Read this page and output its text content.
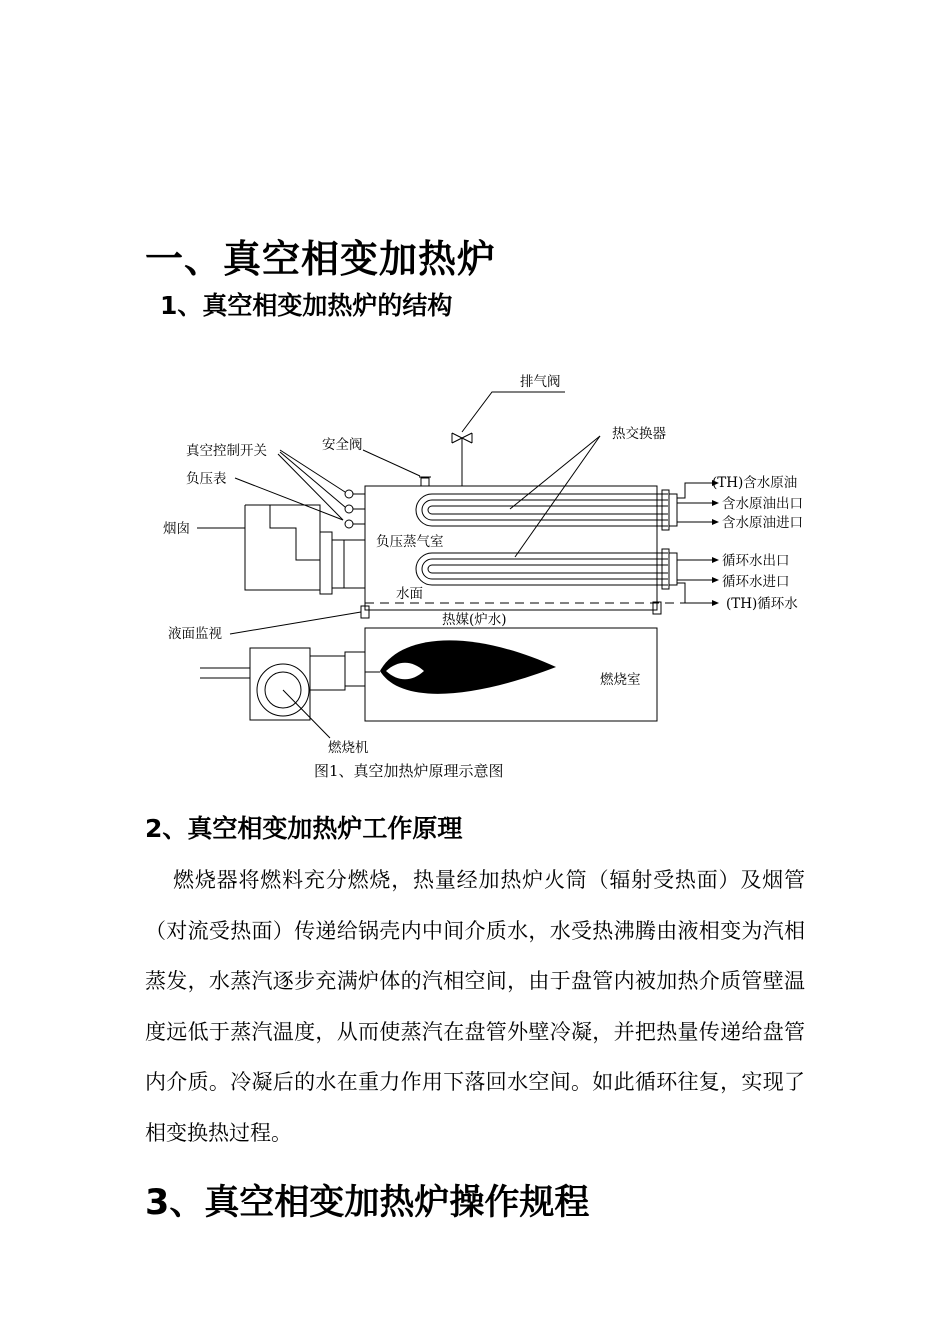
一、真空相变加热炉
1、真空相变加热炉的结构
排气阀
热交换器
真空控制开关	安全阀
负压表
烟囱
负压蒸气室
水面
热媒(炉水)
液面监视
燃烧室
燃烧机
(TH)含水原油
含水原油出口
含水原油进口
循环水出口
循环水进口
(TH)循环水
图1、真空加热炉原理示意图
2、真空相变加热炉工作原理

燃烧器将燃料充分燃烧，热量经加热炉火筒（辐射受热面）及烟管（对流受热面）传递给锅壳内中间介质水，水受热沸腾由液相变为汽相蒸发，水蒸汽逐步充满炉体的汽相空间，由于盘管内被加热介质管壁温度远低于蒸汽温度，从而使蒸汽在盘管外壁冷凝，并把热量传递给盘管内介质。冷凝后的水在重力作用下落回水空间。如此循环往复，实现了相变换热过程。

3、真空相变加热炉操作规程
